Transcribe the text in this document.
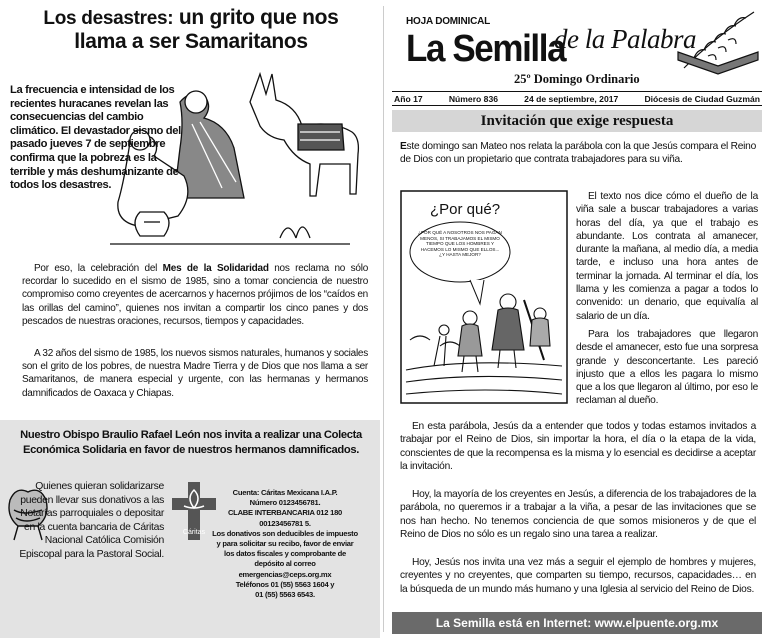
Los desastres: un grito que nos
llama a ser Samaritanos
La frecuencia e intensidad de los recientes huracanes revelan las consecuencias del cambio climático. El devastador sismo del pasado jueves 7 de septiembre confirma que la pobreza es la terrible y más deshumanizante de todos los desastres.
Por eso, la celebración del Mes de la Solidaridad nos reclama no sólo recordar lo sucedido en el sismo de 1985, sino a tomar conciencia de nuestro compromiso como creyentes de acercarnos y hacernos prójimos de los “caídos en las orillas del camino”, quienes nos invitan a compartir los cinco panes y dos pescados de nuestras oraciones, recursos, tiempos y capacidades.
A 32 años del sismo de 1985, los nuevos sismos naturales, humanos y sociales son el grito de los pobres, de nuestra Madre Tierra y de Dios que nos llama a ser Samaritanos, de manera especial y urgente, con las hermanas y hermanos damnificados de Oaxaca y Chiapas.
Nuestro Obispo Braulio Rafael León nos invita a realizar una Colecta Económica Solidaria en favor de nuestros hermanos damnificados.
Quienes quieran solidarizarse pueden llevar sus donativos a las Notarías parroquiales o depositar en la cuenta bancaria de Cáritas Nacional Católica Comisión Episcopal para la Pastoral Social.
Cáritas
Cuenta: Cáritas Mexicana I.A.P.
Número 0123456781.
CLABE INTERBANCARIA 012 180
00123456781 5.
Los donativos son deducibles de impuesto y para solicitar su recibo, favor de enviar los datos fiscales y comprobante de depósito al correo
emergencias@ceps.org.mx
Teléfonos 01 (55) 5563 1604 y
01 (55) 5563 6543.
HOJA DOMINICAL
La Semilla
de la Palabra
25º Domingo Ordinario
Año 17	Número 836	24 de septiembre, 2017	Diócesis de Ciudad Guzmán
Invitación que exige respuesta
Este domingo san Mateo nos relata la parábola con la que Jesús compara el Reino de Dios con un propietario que contrata trabajadores para su viña.
¿Por qué?
¿POR QUÉ A NOSOTROS NOS PAGAN MENOS, SI TRABAJAMOS EL MISMO TIEMPO QUE LOS HOMBRES Y HACEMOS LO MISMO QUE ELLOS... ¿Y HASTA MEJOR?
El texto nos dice cómo el dueño de la viña sale a buscar trabajadores a varias horas del día, ya que el trabajo es abundante. Los contrata al amanecer, durante la mañana, al medio día, a media tarde, e incluso una hora antes de terminar la jornada. Al terminar el día, los llama y les comienza a pagar a todos lo convenido: un denario, que equivalía al salario de un día.
Para los trabajadores que llegaron desde el amanecer, esto fue una sorpresa grande y desconcertante. Les pareció injusto que a ellos les pagara lo mismo que a los que llegaron al último, por eso le reclaman al dueño.
En esta parábola, Jesús da a entender que todos y todas estamos invitados a trabajar por el Reino de Dios, sin importar la hora, el día o la etapa de la vida, conscientes de que la recompensa es la misma y lo esencial es decidirse a aceptar la invitación.
Hoy, la mayoría de los creyentes en Jesús, a diferencia de los trabajadores de la parábola, no queremos ir a trabajar a la viña, a pesar de las invitaciones que se nos han hecho. No tenemos conciencia de que somos misioneros y de que el Reino de Dios no sólo es un regalo sino una tarea a realizar.
Hoy, Jesús nos invita una vez más a seguir el ejemplo de hombres y mujeres, creyentes y no creyentes, que comparten su tiempo, recursos, capacidades… en la búsqueda de un mundo más humano y una Iglesia al servicio del Reino de Dios.
La Semilla está en Internet: www.elpuente.org.mx
